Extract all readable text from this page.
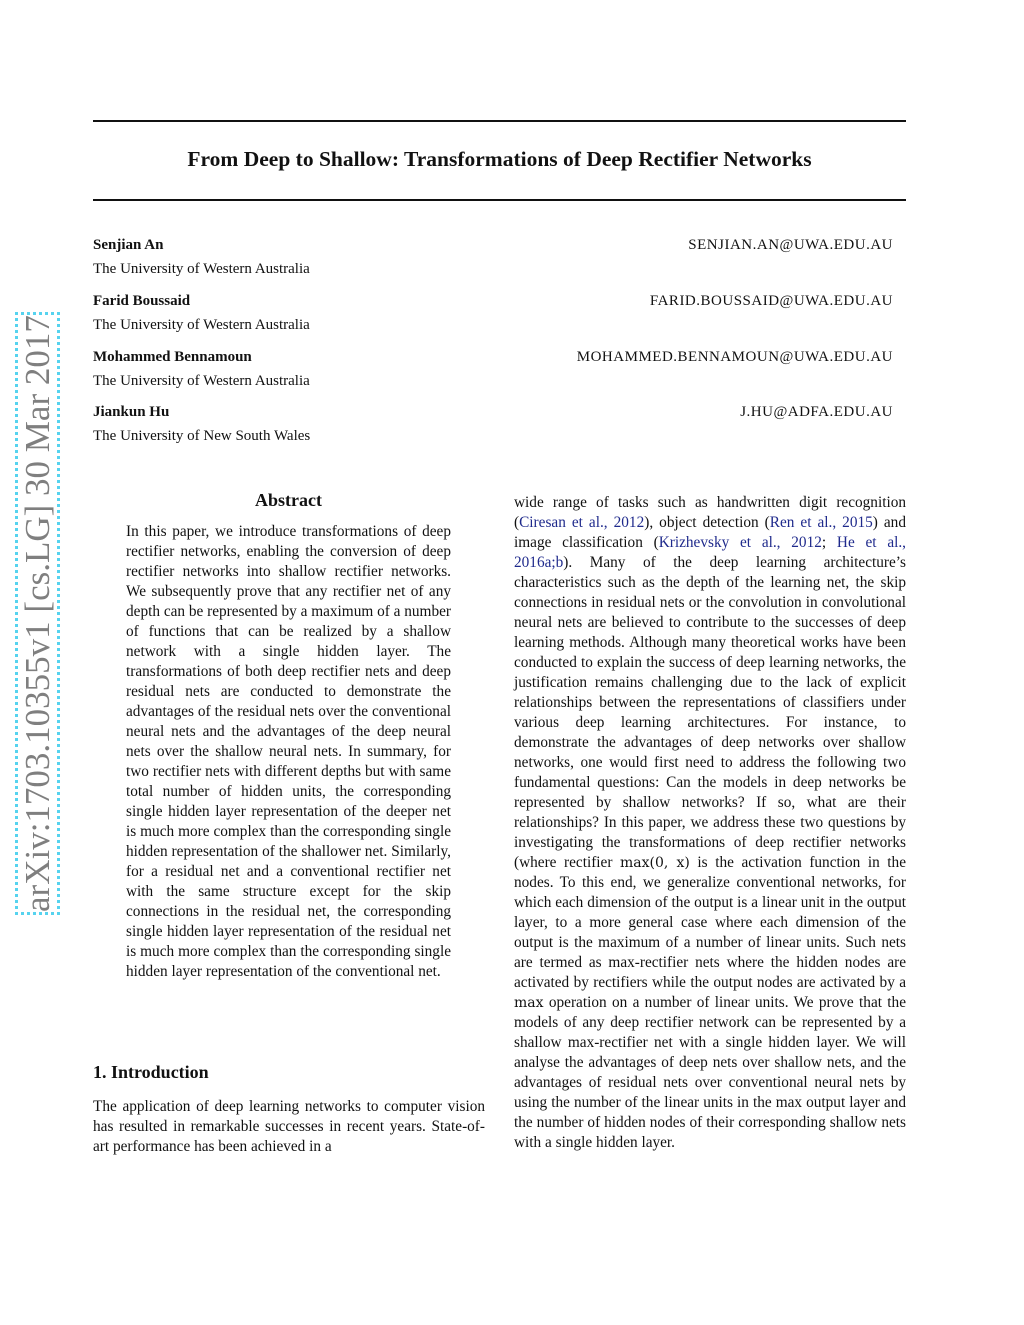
arXiv:1703.10355v1 [cs.LG] 30 Mar 2017
From Deep to Shallow: Transformations of Deep Rectifier Networks
Senjian An
The University of Western Australia
SENJIAN.AN@UWA.EDU.AU
Farid Boussaid
The University of Western Australia
FARID.BOUSSAID@UWA.EDU.AU
Mohammed Bennamoun
The University of Western Australia
MOHAMMED.BENNAMOUN@UWA.EDU.AU
Jiankun Hu
The University of New South Wales
J.HU@ADFA.EDU.AU
Abstract

In this paper, we introduce transformations of deep rectifier networks, enabling the conversion of deep rectifier networks into shallow rectifier networks. We subsequently prove that any rectifier net of any depth can be represented by a maximum of a number of functions that can be realized by a shallow network with a single hidden layer. The transformations of both deep rectifier nets and deep residual nets are conducted to demonstrate the advantages of the residual nets over the conventional neural nets and the advantages of the deep neural nets over the shallow neural nets. In summary, for two rectifier nets with different depths but with same total number of hidden units, the corresponding single hidden layer representation of the deeper net is much more complex than the corresponding single hidden representation of the shallower net. Similarly, for a residual net and a conventional rectifier net with the same structure except for the skip connections in the residual net, the corresponding single hidden layer representation of the residual net is much more complex than the corresponding single hidden layer representation of the conventional net.

1. Introduction

The application of deep learning networks to computer vision has resulted in remarkable successes in recent years. State-of-art performance has been achieved in a

wide range of tasks such as handwritten digit recognition (Ciresan et al., 2012), object detection (Ren et al., 2015) and image classification (Krizhevsky et al., 2012; He et al., 2016a;b). Many of the deep learning architecture’s characteristics such as the depth of the learning net, the skip connections in residual nets or the convolution in convolutional neural nets are believed to contribute to the successes of deep learning methods. Although many theoretical works have been conducted to explain the success of deep learning networks, the justification remains challenging due to the lack of explicit relationships between the representations of classifiers under various deep learning architectures. For instance, to demonstrate the advantages of deep networks over shallow networks, one would first need to address the following two fundamental questions: Can the models in deep networks be represented by shallow networks? If so, what are their relationships? In this paper, we address these two questions by investigating the transformations of deep rectifier networks (where rectifier max(0, x) is the activation function in the nodes. To this end, we generalize conventional networks, for which each dimension of the output is a linear unit in the output layer, to a more general case where each dimension of the output is the maximum of a number of linear units. Such nets are termed as max-rectifier nets where the hidden nodes are activated by rectifiers while the output nodes are activated by a max operation on a number of linear units. We prove that the models of any deep rectifier network can be represented by a shallow max-rectifier net with a single hidden layer. We will analyse the advantages of deep nets over shallow nets, and the advantages of residual nets over conventional neural nets by using the number of the linear units in the max output layer and the number of hidden nodes of their corresponding shallow nets with a single hidden layer.
